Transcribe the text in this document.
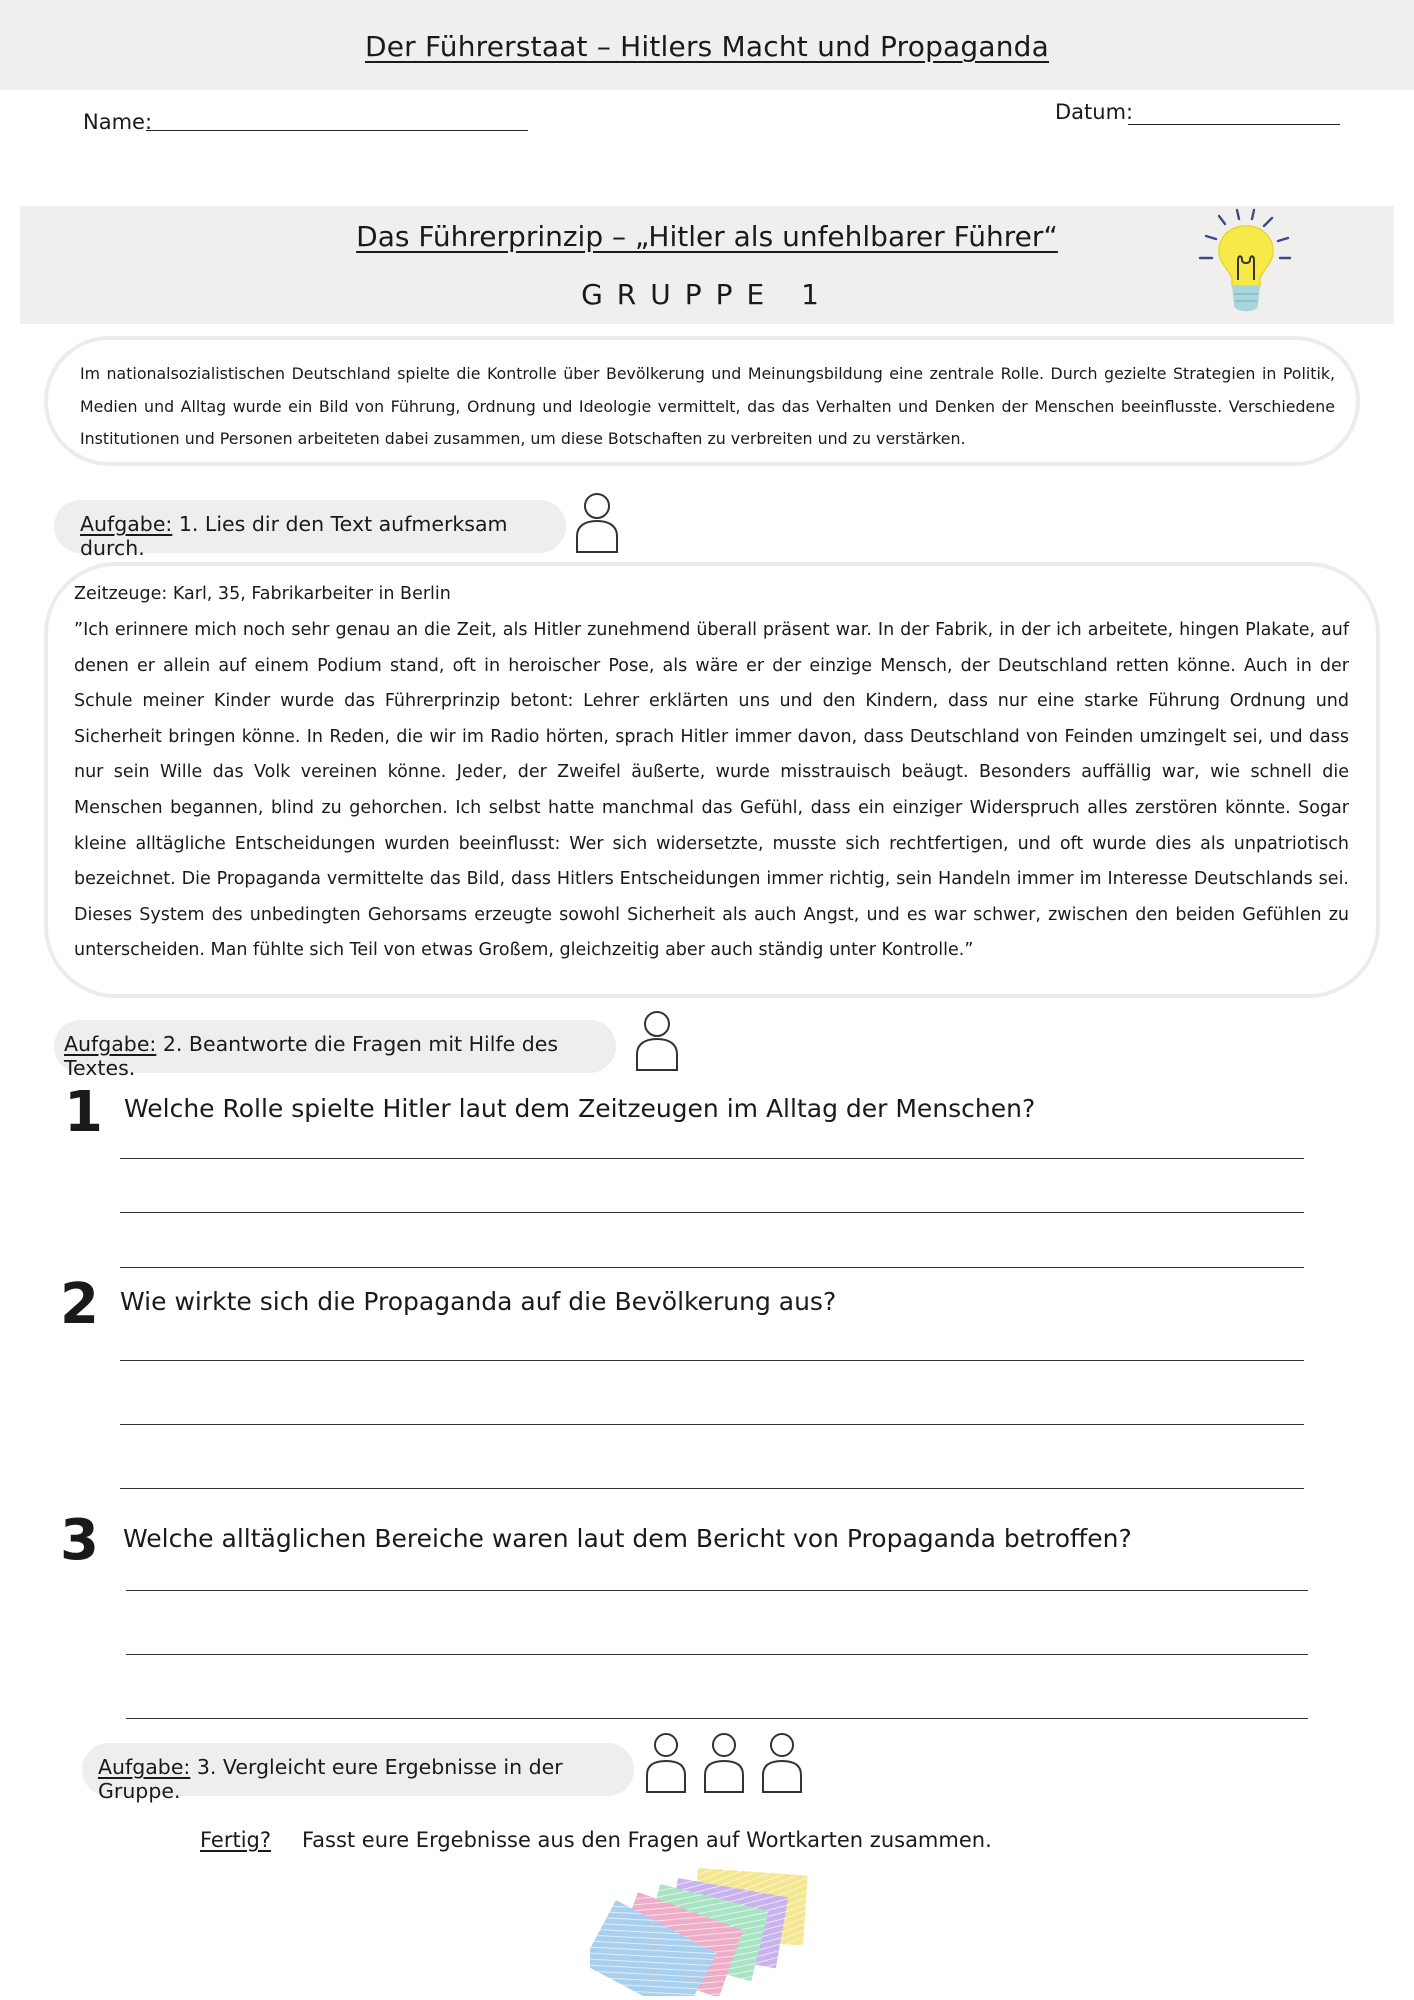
Der Führerstaat – Hitlers Macht und Propaganda
Name:	Datum:
Das Führerprinzip – „Hitler als unfehlbarer Führer“
GRUPPE 1
Im nationalsozialistischen Deutschland spielte die Kontrolle über Bevölkerung und Meinungsbildung eine zentrale Rolle. Durch gezielte Strategien in Politik, Medien und Alltag wurde ein Bild von Führung, Ordnung und Ideologie vermittelt, das das Verhalten und Denken der Menschen beeinflusste. Verschiedene Institutionen und Personen arbeiteten dabei zusammen, um diese Botschaften zu verbreiten und zu verstärken.
Aufgabe: 1. Lies dir den Text aufmerksam durch.
Zeitzeuge: Karl, 35, Fabrikarbeiter in Berlin
”Ich erinnere mich noch sehr genau an die Zeit, als Hitler zunehmend überall präsent war. In der Fabrik, in der ich arbeitete, hingen Plakate, auf denen er allein auf einem Podium stand, oft in heroischer Pose, als wäre er der einzige Mensch, der Deutschland retten könne. Auch in der Schule meiner Kinder wurde das Führerprinzip betont: Lehrer erklärten uns und den Kindern, dass nur eine starke Führung Ordnung und Sicherheit bringen könne. In Reden, die wir im Radio hörten, sprach Hitler immer davon, dass Deutschland von Feinden umzingelt sei, und dass nur sein Wille das Volk vereinen könne. Jeder, der Zweifel äußerte, wurde misstrauisch beäugt. Besonders auffällig war, wie schnell die Menschen begannen, blind zu gehorchen. Ich selbst hatte manchmal das Gefühl, dass ein einziger Widerspruch alles zerstören könnte. Sogar kleine alltägliche Entscheidungen wurden beeinflusst: Wer sich widersetzte, musste sich rechtfertigen, und oft wurde dies als unpatriotisch bezeichnet. Die Propaganda vermittelte das Bild, dass Hitlers Entscheidungen immer richtig, sein Handeln immer im Interesse Deutschlands sei. Dieses System des unbedingten Gehorsams erzeugte sowohl Sicherheit als auch Angst, und es war schwer, zwischen den beiden Gefühlen zu unterscheiden. Man fühlte sich Teil von etwas Großem, gleichzeitig aber auch ständig unter Kontrolle.”
Aufgabe: 2. Beantworte die Fragen mit Hilfe des Textes.
1 Welche Rolle spielte Hitler laut dem Zeitzeugen im Alltag der Menschen?
2 Wie wirkte sich die Propaganda auf die Bevölkerung aus?
3 Welche alltäglichen Bereiche waren laut dem Bericht von Propaganda betroffen?
Aufgabe: 3. Vergleicht eure Ergebnisse in der Gruppe.
Fertig? Fasst eure Ergebnisse aus den Fragen auf Wortkarten zusammen.
